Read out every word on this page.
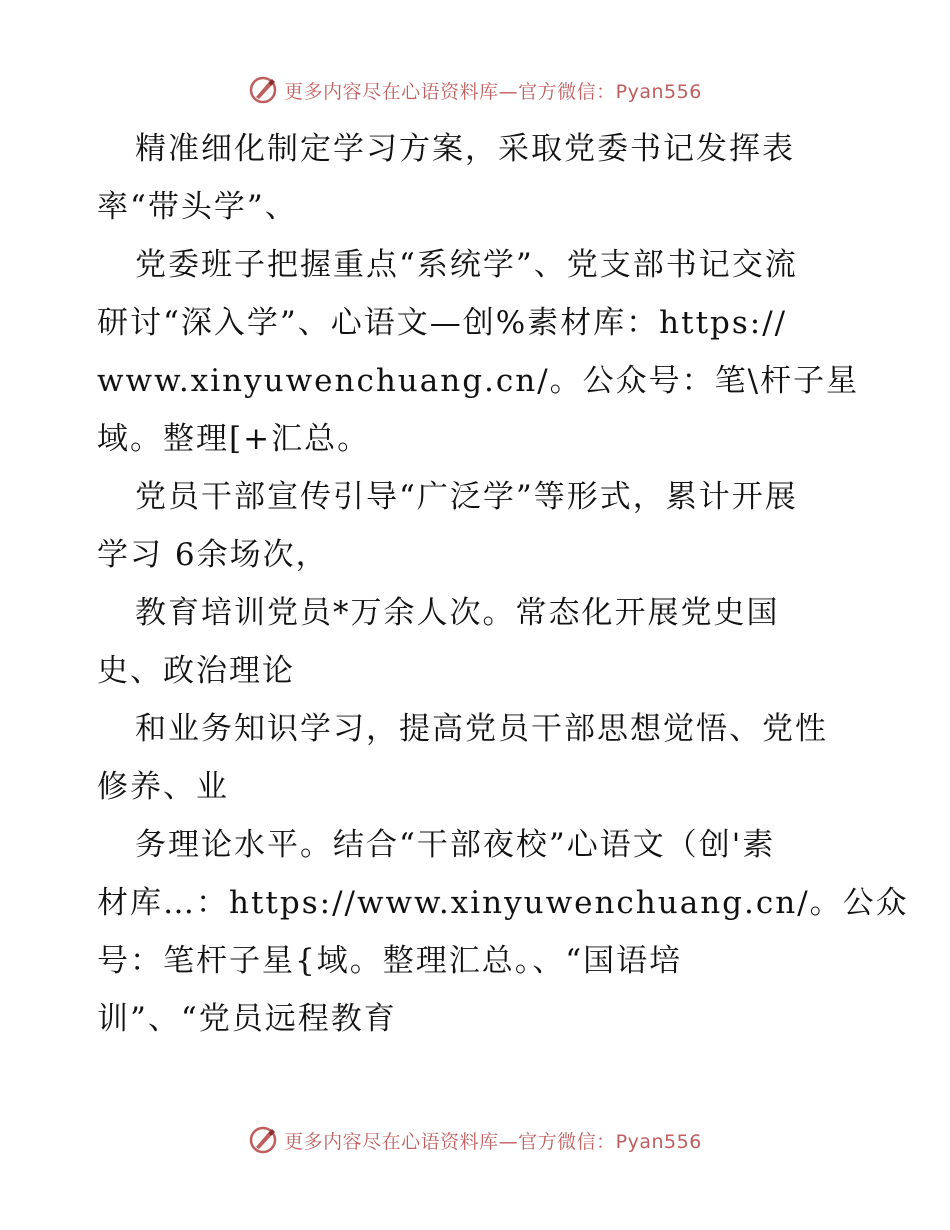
更多内容尽在心语资料库—官方微信：Pyan556
精准细化制定学习方案，采取党委书记发挥表
率“带头学”、
党委班子把握重点“系统学”、党支部书记交流
研讨“深入学”、心语文—创%素材库：https://
www.xinyuwenchuang.cn/。公众号：笔\杆子星
域。整理[+汇总。
党员干部宣传引导“广泛学”等形式，累计开展
学习 6余场次，
教育培训党员*万余人次。常态化开展党史国
史、政治理论
和业务知识学习，提高党员干部思想觉悟、党性
修养、业
务理论水平。结合“干部夜校”心语文（创'素
材库…：https://www.xinyuwenchuang.cn/。公众
号：笔杆子星{域。整理汇总。、“国语培
训”、“党员远程教育
更多内容尽在心语资料库—官方微信：Pyan556
